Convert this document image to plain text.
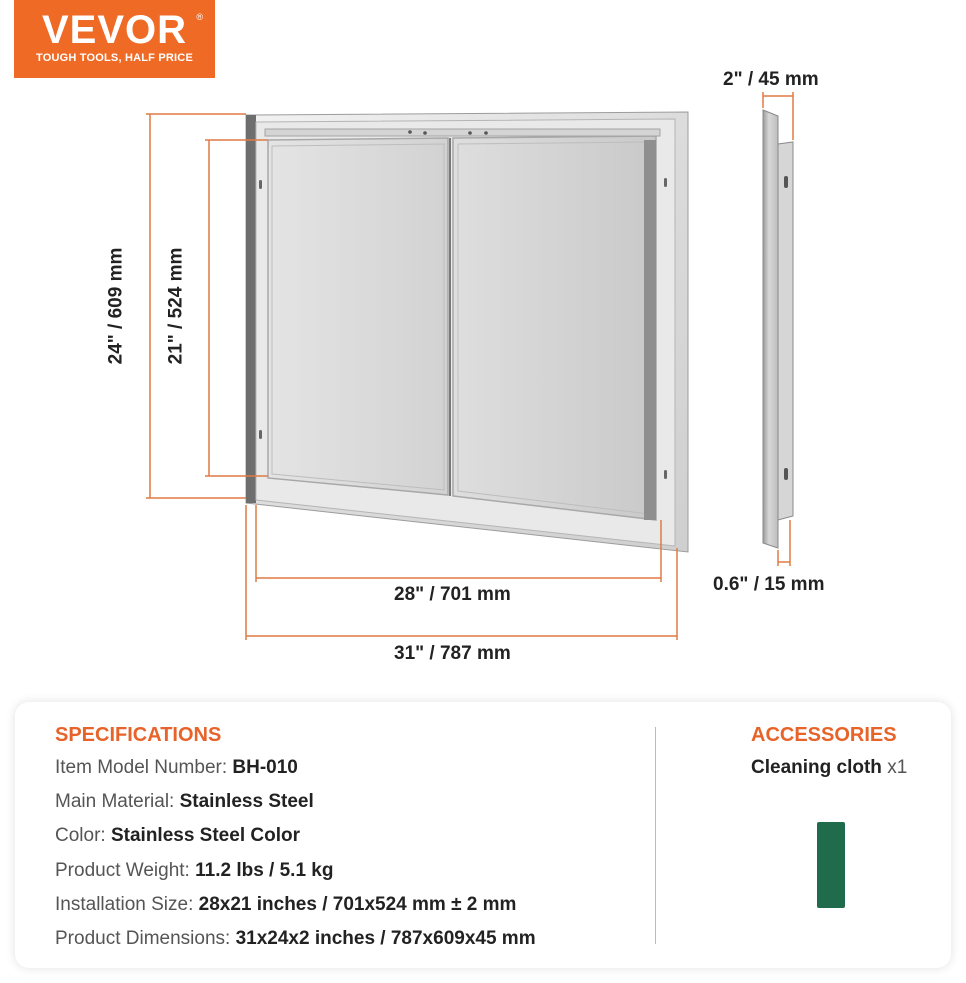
VEVOR	®
TOUGH TOOLS, HALF PRICE
2" / 45 mm
24" / 609 mm 21" / 524 mm
28" / 701 mm
31" / 787 mm
0.6" / 15 mm
SPECIFICATIONS
Item Model Number: BH-010
Main Material: Stainless Steel
Color: Stainless Steel Color
Product Weight: 11.2 lbs / 5.1 kg
Installation Size: 28x21 inches / 701x524 mm ± 2 mm
Product Dimensions: 31x24x2 inches / 787x609x45 mm
ACCESSORIES
Cleaning cloth x1
